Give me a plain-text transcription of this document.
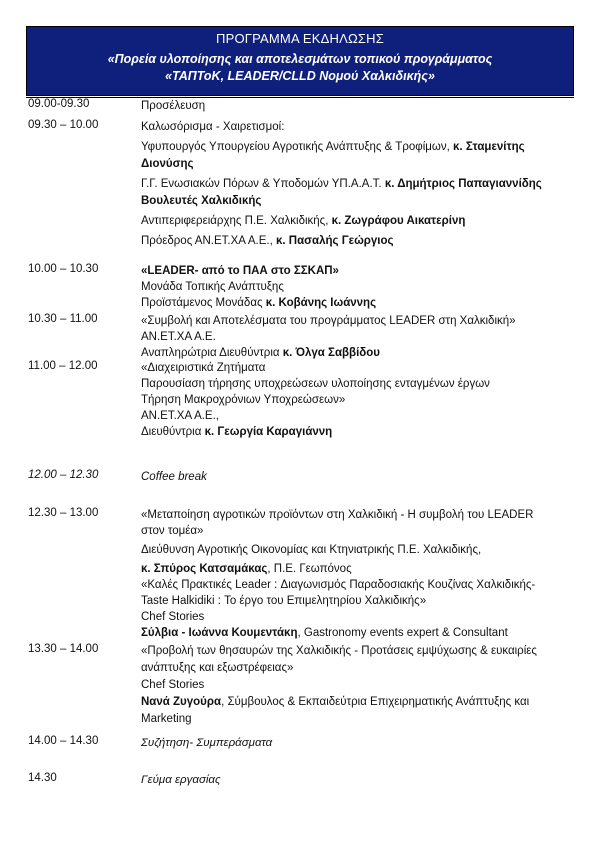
ΠΡΟΓΡΑΜΜΑ ΕΚΔΗΛΩΣΗΣ
«Πορεία υλοποίησης και αποτελεσμάτων τοπικού προγράμματος
«ΤΑΠΤοΚ, LEADER/CLLD Νομού Χαλκιδικής»
09.00-09.30	Προσέλευση
09.30 – 10.00	Καλωσόρισμα - Χαιρετισμοί:
Υφυπουργός Υπουργείου Αγροτικής Ανάπτυξης & Τροφίμων, κ. Σταμενίτης
Διονύσης
Γ.Γ. Ενωσιακών Πόρων & Υποδομών ΥΠ.Α.Α.Τ. κ. Δημήτριος Παπαγιαννίδης
Βουλευτές Χαλκιδικής
Αντιπεριφερειάρχης Π.Ε. Χαλκιδικής, κ. Ζωγράφου Αικατερίνη
Πρόεδρος ΑΝ.ΕΤ.ΧΑ Α.Ε., κ. Πασαλής Γεώργιος
10.00 – 10.30	«LEADER- από το ΠΑΑ στο ΣΣΚΑΠ»
Μονάδα Τοπικής Ανάπτυξης
Προϊστάμενος Μονάδας κ. Κοβάνης Ιωάννης
10.30 – 11.00	«Συμβολή και Αποτελέσματα του προγράμματος LEADER στη Χαλκιδική»
ΑΝ.ΕΤ.ΧΑ Α.Ε.
Αναπληρώτρια Διευθύντρια κ. Όλγα Σαββίδου
11.00 – 12.00	«Διαχειριστικά Ζητήματα
Παρουσίαση τήρησης υποχρεώσεων υλοποίησης ενταγμένων έργων
Τήρηση Μακροχρόνιων Υποχρεώσεων»
ΑΝ.ΕΤ.ΧΑ Α.Ε.,
Διευθύντρια κ. Γεωργία Καραγιάννη
12.00 – 12.30	Coffee break
12.30 – 13.00	«Μεταποίηση αγροτικών προϊόντων στη Χαλκιδική - Η συμβολή του LEADER
στον τομέα»
Διεύθυνση Αγροτικής Οικονομίας και Κτηνιατρικής Π.Ε. Χαλκιδικής,
κ. Σπύρος Κατσαμάκας, Π.Ε. Γεωπόνος
«Καλές Πρακτικές Leader : Διαγωνισμός Παραδοσιακής Κουζίνας Χαλκιδικής-
Taste Halkidiki : Το έργο του Επιμελητηρίου Χαλκιδικής»
Chef Stories
Σύλβια - Ιωάννα Κουμεντάκη, Gastronomy events expert & Consultant
13.30 – 14.00	«Προβολή των θησαυρών της Χαλκιδικής - Προτάσεις εμψύχωσης & ευκαιρίες
ανάπτυξης και εξωστρέφειας»
Chef Stories
Νανά Ζυγούρα, Σύμβουλος & Εκπαιδεύτρια Επιχειρηματικής Ανάπτυξης και
Marketing
14.00 – 14.30	Συζήτηση- Συμπεράσματα
14.30	Γεύμα εργασίας
